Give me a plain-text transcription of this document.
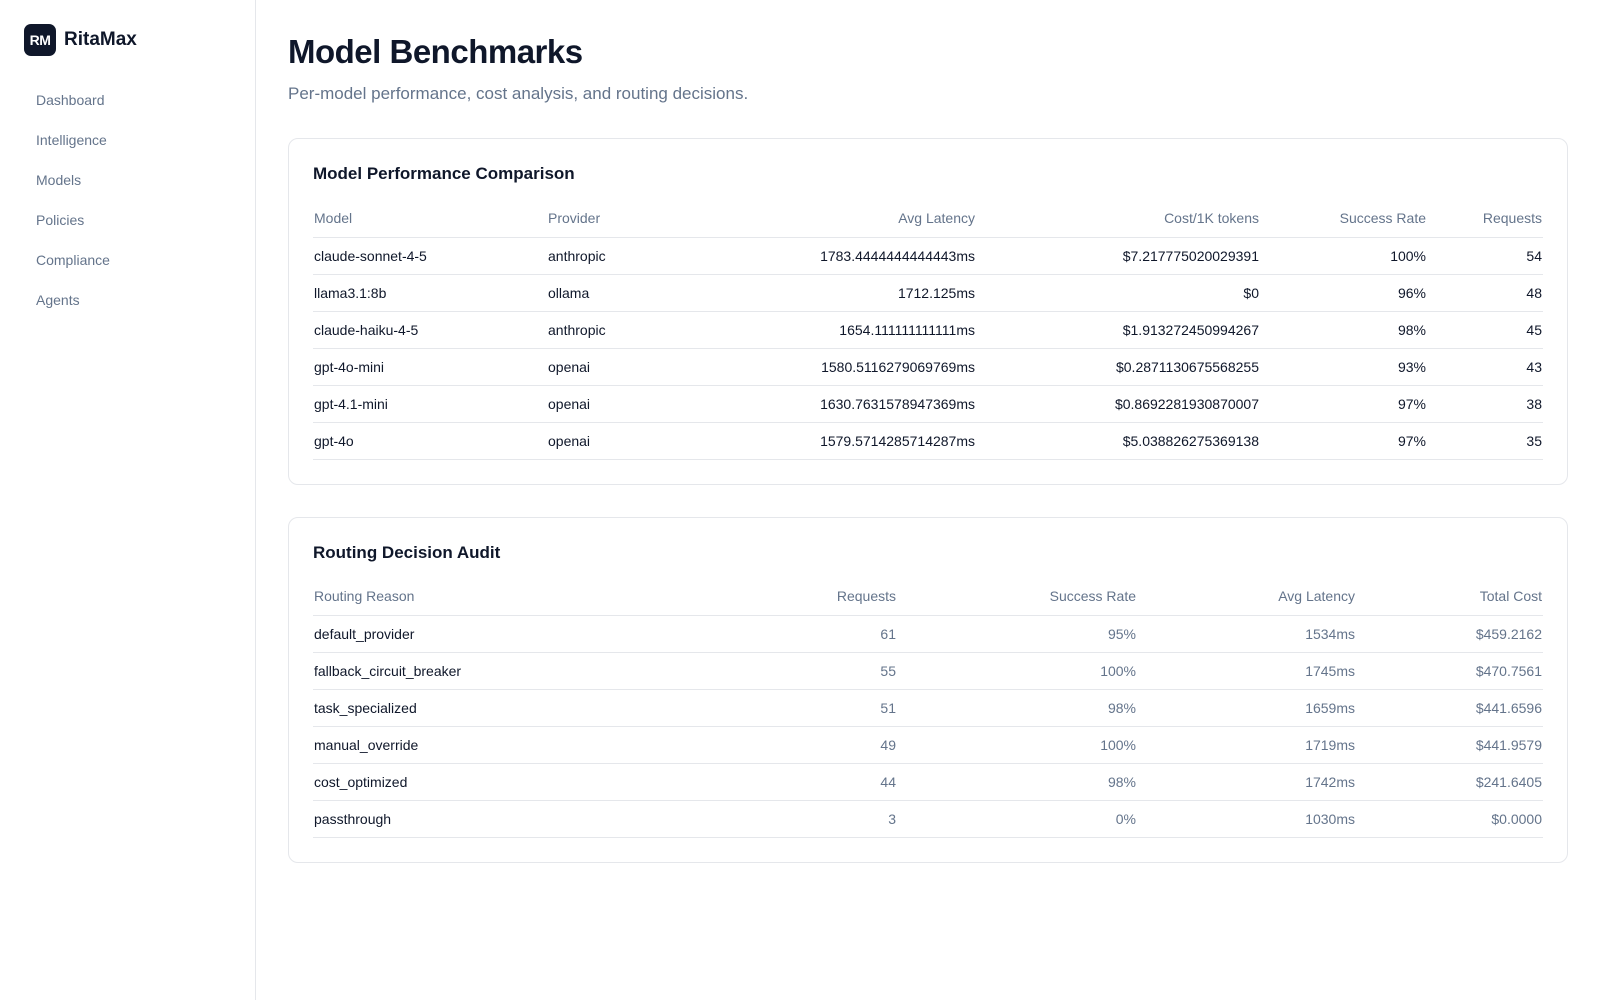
RM RitaMax
Dashboard
Intelligence
Models
Policies
Compliance
Agents
Model Benchmarks

Per-model performance, cost analysis, and routing decisions.

Model Performance Comparison
Model	Provider	Avg Latency	Cost/1K tokens	Success Rate	Requests
claude-sonnet-4-5	anthropic	1783.4444444444443ms	$7.217775020029391	100%	54
llama3.1:8b	ollama	1712.125ms	$0	96%	48
claude-haiku-4-5	anthropic	1654.111111111111ms	$1.913272450994267	98%	45
gpt-4o-mini	openai	1580.5116279069769ms	$0.2871130675568255	93%	43
gpt-4.1-mini	openai	1630.7631578947369ms	$0.8692281930870007	97%	38
gpt-4o	openai	1579.5714285714287ms	$5.038826275369138	97%	35
Routing Decision Audit
Routing Reason	Requests	Success Rate	Avg Latency	Total Cost
default_provider	61	95%	1534ms	$459.2162
fallback_circuit_breaker	55	100%	1745ms	$470.7561
task_specialized	51	98%	1659ms	$441.6596
manual_override	49	100%	1719ms	$441.9579
cost_optimized	44	98%	1742ms	$241.6405
passthrough	3	0%	1030ms	$0.0000
